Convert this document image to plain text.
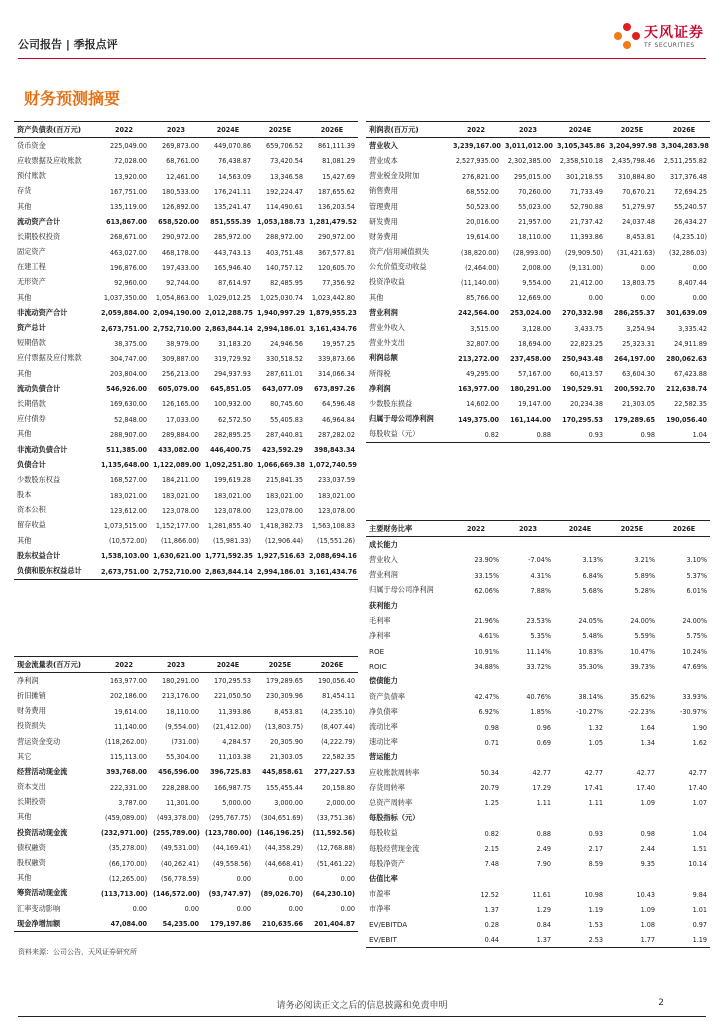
公司报告 | 季报点评
天风证券
TF SECURITIES
财务预测摘要
资产负债表(百万元)	2022	2023	2024E	2025E	2026E
货币资金	225,049.00	269,873.00	449,070.86	659,706.52	861,111.39
应收票据及应收账款	72,028.00	68,761.00	76,438.87	73,420.54	81,081.29
预付账款	13,920.00	12,461.00	14,563.09	13,346.58	15,427.69
存货	167,751.00	180,533.00	176,241.11	192,224.47	187,655.62
其他	135,119.00	126,892.00	135,241.47	114,490.61	136,203.54
流动资产合计	613,867.00	658,520.00	851,555.39	1,053,188.73	1,281,479.52
长期股权投资	268,671.00	290,972.00	285,972.00	288,972.00	290,972.00
固定资产	463,027.00	468,178.00	443,743.13	403,751.48	367,577.81
在建工程	196,876.00	197,433.00	165,946.40	140,757.12	120,605.70
无形资产	92,960.00	92,744.00	87,614.97	82,485.95	77,356.92
其他	1,037,350.00	1,054,863.00	1,029,012.25	1,025,030.74	1,023,442.80
非流动资产合计	2,059,884.00	2,094,190.00	2,012,288.75	1,940,997.29	1,879,955.23
资产总计	2,673,751.00	2,752,710.00	2,863,844.14	2,994,186.01	3,161,434.76
短期借款	38,375.00	38,979.00	31,183.20	24,946.56	19,957.25
应付票据及应付账款	304,747.00	309,887.00	319,729.92	330,518.52	339,873.66
其他	203,804.00	256,213.00	294,937.93	287,611.01	314,066.34
流动负债合计	546,926.00	605,079.00	645,851.05	643,077.09	673,897.26
长期借款	169,630.00	126,165.00	100,932.00	80,745.60	64,596.48
应付债券	52,848.00	17,033.00	62,572.50	55,405.83	46,964.84
其他	288,907.00	289,884.00	282,895.25	287,440.81	287,282.02
非流动负债合计	511,385.00	433,082.00	446,400.75	423,592.29	398,843.34
负债合计	1,135,648.00	1,122,089.00	1,092,251.80	1,066,669.38	1,072,740.59
少数股东权益	168,527.00	184,211.00	199,619.28	215,841.35	233,037.59
股本	183,021.00	183,021.00	183,021.00	183,021.00	183,021.00
资本公积	123,612.00	123,078.00	123,078.00	123,078.00	123,078.00
留存收益	1,073,515.00	1,152,177.00	1,281,855.40	1,418,382.73	1,563,108.83
其他	(10,572.00)	(11,866.00)	(15,981.33)	(12,906.44)	(15,551.26)
股东权益合计	1,538,103.00	1,630,621.00	1,771,592.35	1,927,516.63	2,088,694.16
负债和股东权益总计	2,673,751.00	2,752,710.00	2,863,844.14	2,994,186.01	3,161,434.76
利润表(百万元)	2022	2023	2024E	2025E	2026E
营业收入	3,239,167.00	3,011,012.00	3,105,345.86	3,204,997.98	3,304,283.98
营业成本	2,527,935.00	2,302,385.00	2,358,510.18	2,435,798.46	2,511,255.82
营业税金及附加	276,821.00	295,015.00	301,218.55	310,884.80	317,376.48
销售费用	68,552.00	70,260.00	71,733.49	70,670.21	72,694.25
管理费用	50,523.00	55,023.00	52,790.88	51,279.97	55,240.57
研发费用	20,016.00	21,957.00	21,737.42	24,037.48	26,434.27
财务费用	19,614.00	18,110.00	11,393.86	8,453.81	(4,235.10)
资产/信用减值损失	(38,820.00)	(28,993.00)	(29,909.50)	(31,421.63)	(32,286.03)
公允价值变动收益	(2,464.00)	2,008.00	(9,131.00)	0.00	0.00
投资净收益	(11,140.00)	9,554.00	21,412.00	13,803.75	8,407.44
其他	85,766.00	12,669.00	0.00	0.00	0.00
营业利润	242,564.00	253,024.00	270,332.98	286,255.37	301,639.09
营业外收入	3,515.00	3,128.00	3,433.75	3,254.94	3,335.42
营业外支出	32,807.00	18,694.00	22,823.25	25,323.31	24,911.89
利润总额	213,272.00	237,458.00	250,943.48	264,197.00	280,062.63
所得税	49,295.00	57,167.00	60,413.57	63,604.30	67,423.88
净利润	163,977.00	180,291.00	190,529.91	200,592.70	212,638.74
少数股东损益	14,602.00	19,147.00	20,234.38	21,303.05	22,582.35
归属于母公司净利润	149,375.00	161,144.00	170,295.53	179,289.65	190,056.40
每股收益（元）	0.82	0.88	0.93	0.98	1.04
现金流量表(百万元)	2022	2023	2024E	2025E	2026E
净利润	163,977.00	180,291.00	170,295.53	179,289.65	190,056.40
折旧摊销	202,186.00	213,176.00	221,050.50	230,309.96	81,454.11
财务费用	19,614.00	18,110.00	11,393.86	8,453.81	(4,235.10)
投资损失	11,140.00	(9,554.00)	(21,412.00)	(13,803.75)	(8,407.44)
营运资金变动	(118,262.00)	(731.00)	4,284.57	20,305.90	(4,222.79)
其它	115,113.00	55,304.00	11,103.38	21,303.05	22,582.35
经营活动现金流	393,768.00	456,596.00	396,725.83	445,858.61	277,227.53
资本支出	222,331.00	228,288.00	166,987.75	155,455.44	20,158.80
长期投资	3,787.00	11,301.00	5,000.00	3,000.00	2,000.00
其他	(459,089.00)	(493,378.00)	(295,767.75)	(304,651.69)	(33,751.36)
投资活动现金流	(232,971.00)	(255,789.00)	(123,780.00)	(146,196.25)	(11,592.56)
债权融资	(35,278.00)	(49,531.00)	(44,169.41)	(44,358.29)	(12,768.88)
股权融资	(66,170.00)	(40,262.41)	(49,558.56)	(44,668.41)	(51,461.22)
其他	(12,265.00)	(56,778.59)	0.00	0.00	0.00
筹资活动现金流	(113,713.00)	(146,572.00)	(93,747.97)	(89,026.70)	(64,230.10)
汇率变动影响	0.00	0.00	0.00	0.00	0.00
现金净增加额	47,084.00	54,235.00	179,197.86	210,635.66	201,404.87
主要财务比率	2022	2023	2024E	2025E	2026E
成长能力					
营业收入	23.90%	-7.04%	3.13%	3.21%	3.10%
营业利润	33.15%	4.31%	6.84%	5.89%	5.37%
归属于母公司净利润	62.06%	7.88%	5.68%	5.28%	6.01%
获利能力					
毛利率	21.96%	23.53%	24.05%	24.00%	24.00%
净利率	4.61%	5.35%	5.48%	5.59%	5.75%
ROE	10.91%	11.14%	10.83%	10.47%	10.24%
ROIC	34.88%	33.72%	35.30%	39.73%	47.69%
偿债能力					
资产负债率	42.47%	40.76%	38.14%	35.62%	33.93%
净负债率	6.92%	1.85%	-10.27%	-22.23%	-30.97%
流动比率	0.98	0.96	1.32	1.64	1.90
速动比率	0.71	0.69	1.05	1.34	1.62
营运能力					
应收账款周转率	50.34	42.77	42.77	42.77	42.77
存货周转率	20.79	17.29	17.41	17.40	17.40
总资产周转率	1.25	1.11	1.11	1.09	1.07
每股指标（元）					
每股收益	0.82	0.88	0.93	0.98	1.04
每股经营现金流	2.15	2.49	2.17	2.44	1.51
每股净资产	7.48	7.90	8.59	9.35	10.14
估值比率					
市盈率	12.52	11.61	10.98	10.43	9.84
市净率	1.37	1.29	1.19	1.09	1.01
EV/EBITDA	0.28	0.84	1.53	1.08	0.97
EV/EBIT	0.44	1.37	2.53	1.77	1.19
资料来源：公司公告，天风证券研究所
请务必阅读正文之后的信息披露和免责申明	2
